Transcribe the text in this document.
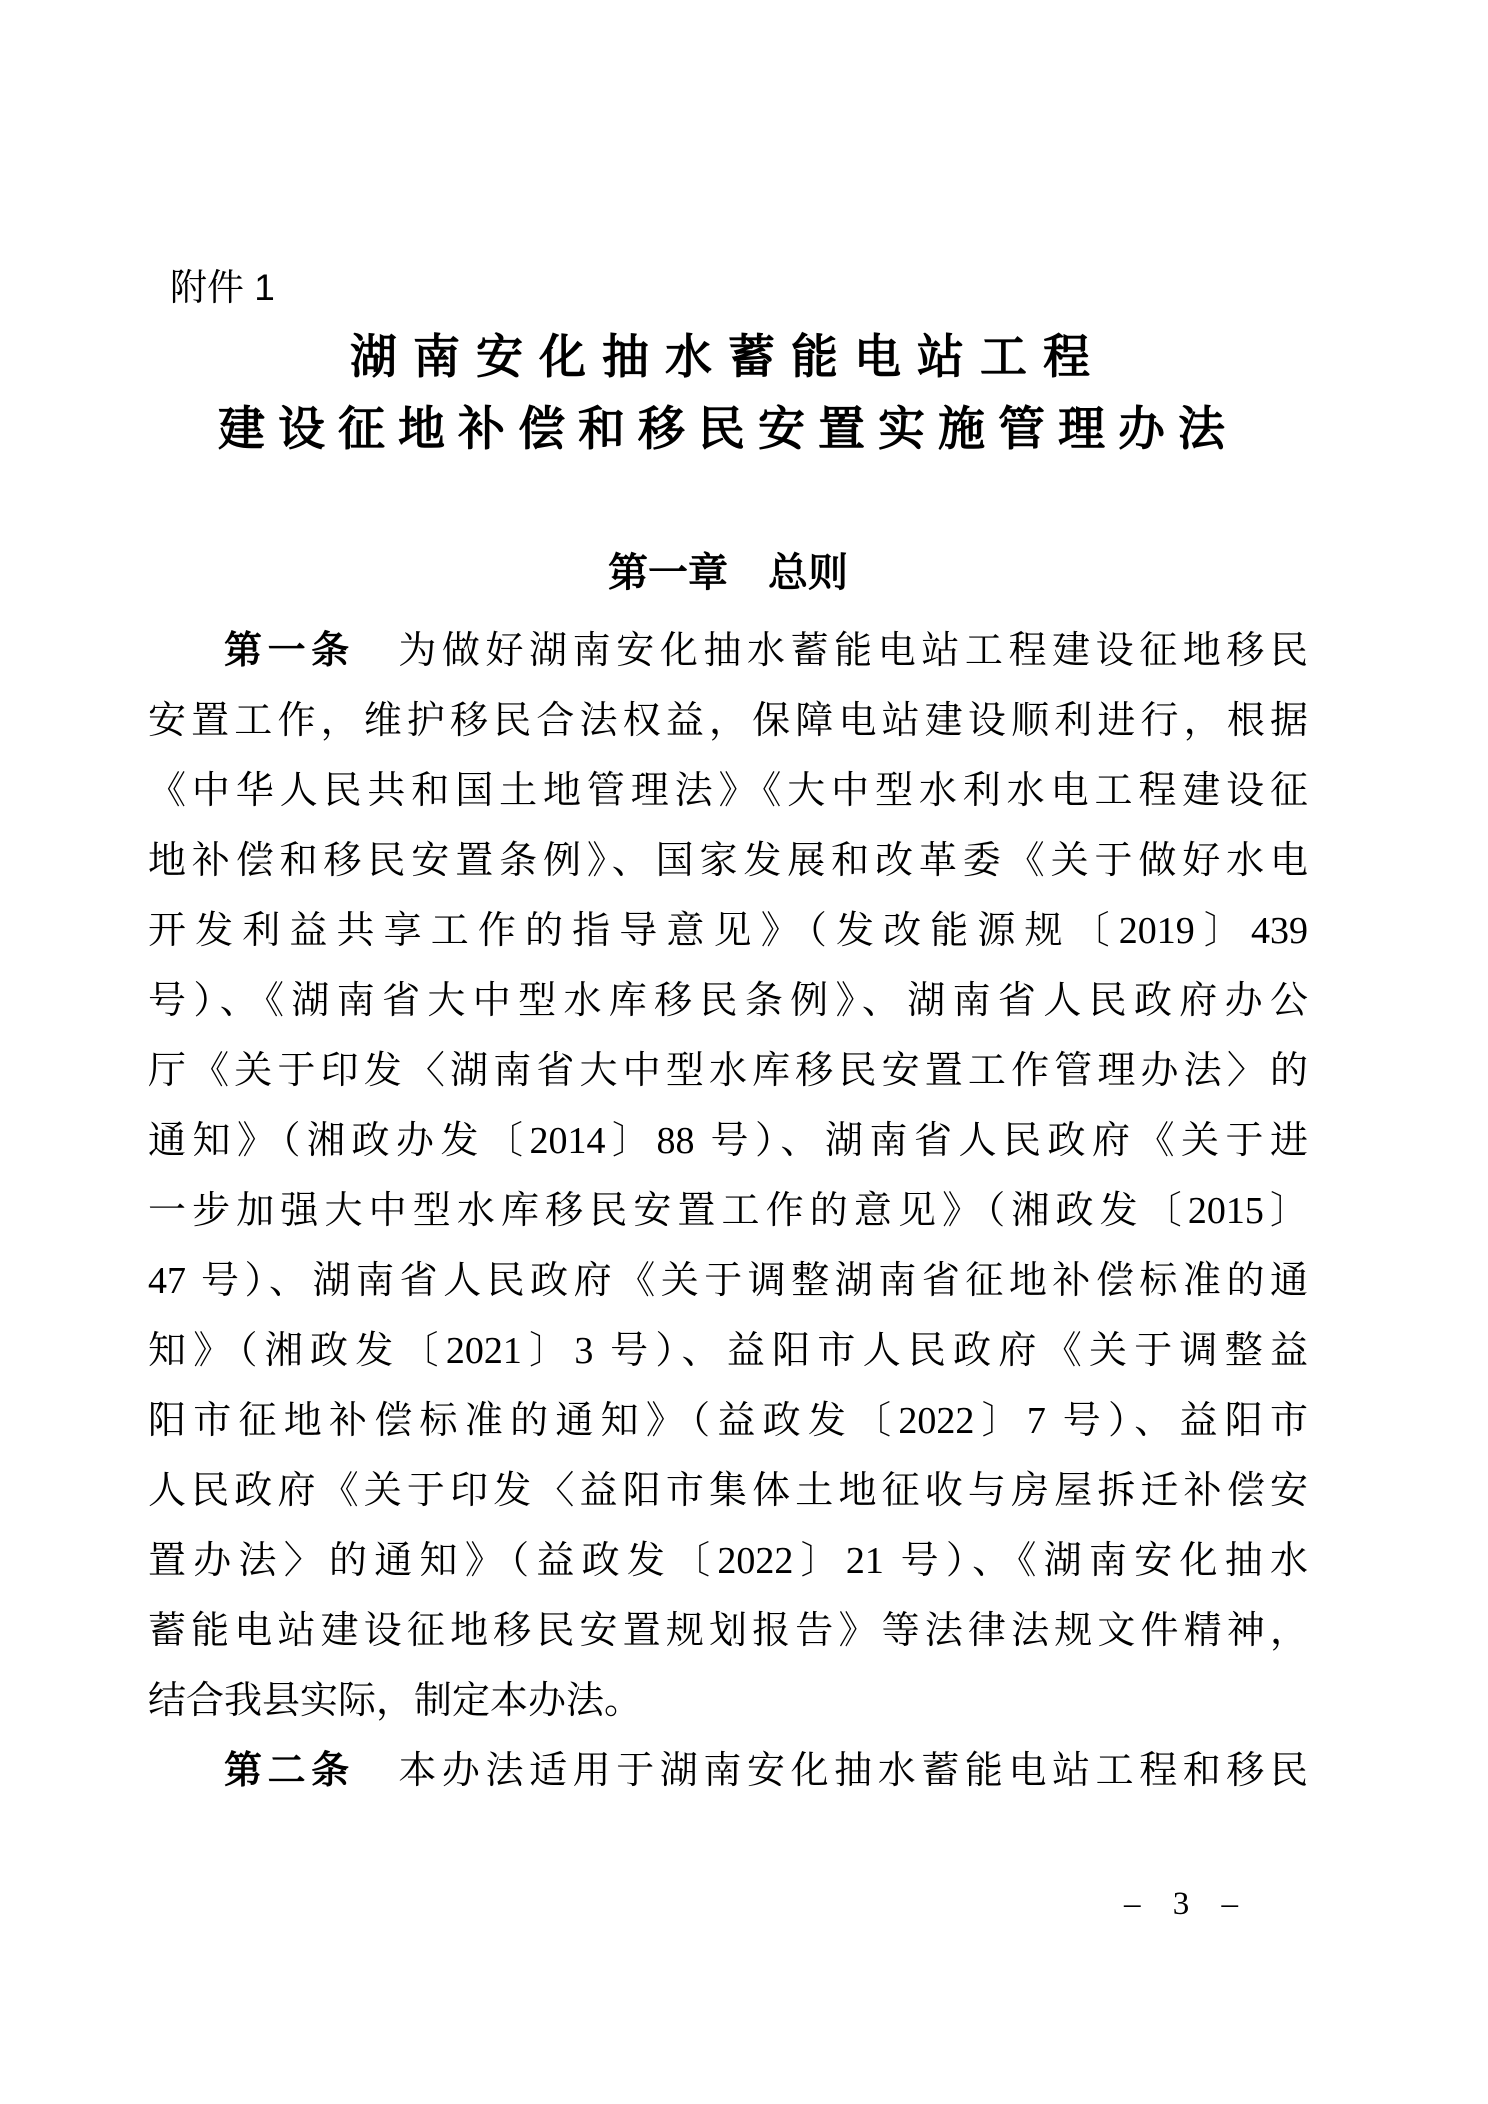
附件 1
湖南安化抽水蓄能电站工程
建设征地补偿和移民安置实施管理办法
第一章　总则
第一条　为做好湖南安化抽水蓄能电站工程建设征地移民
安置工作，维护移民合法权益，保障电站建设顺利进行，根据
《中华人民共和国土地管理法》《大中型水利水电工程建设征
地补偿和移民安置条例》、国家发展和改革委《关于做好水电
开发利益共享工作的指导意见》（发改能源规〔2019〕439
号）、《湖南省大中型水库移民条例》、湖南省人民政府办公
厅《关于印发〈湖南省大中型水库移民安置工作管理办法〉的
通知》（湘政办发〔2014〕88 号）、湖南省人民政府《关于进
一步加强大中型水库移民安置工作的意见》（湘政发〔2015〕
47 号）、湖南省人民政府《关于调整湖南省征地补偿标准的通
知》（湘政发〔2021〕3 号）、益阳市人民政府《关于调整益
阳市征地补偿标准的通知》（益政发〔2022〕7 号）、益阳市
人民政府《关于印发〈益阳市集体土地征收与房屋拆迁补偿安
置办法〉的通知》（益政发〔2022〕21 号）、《湖南安化抽水
蓄能电站建设征地移民安置规划报告》等法律法规文件精神，
结合我县实际，制定本办法。
第二条　本办法适用于湖南安化抽水蓄能电站工程和移民
– 3 –
